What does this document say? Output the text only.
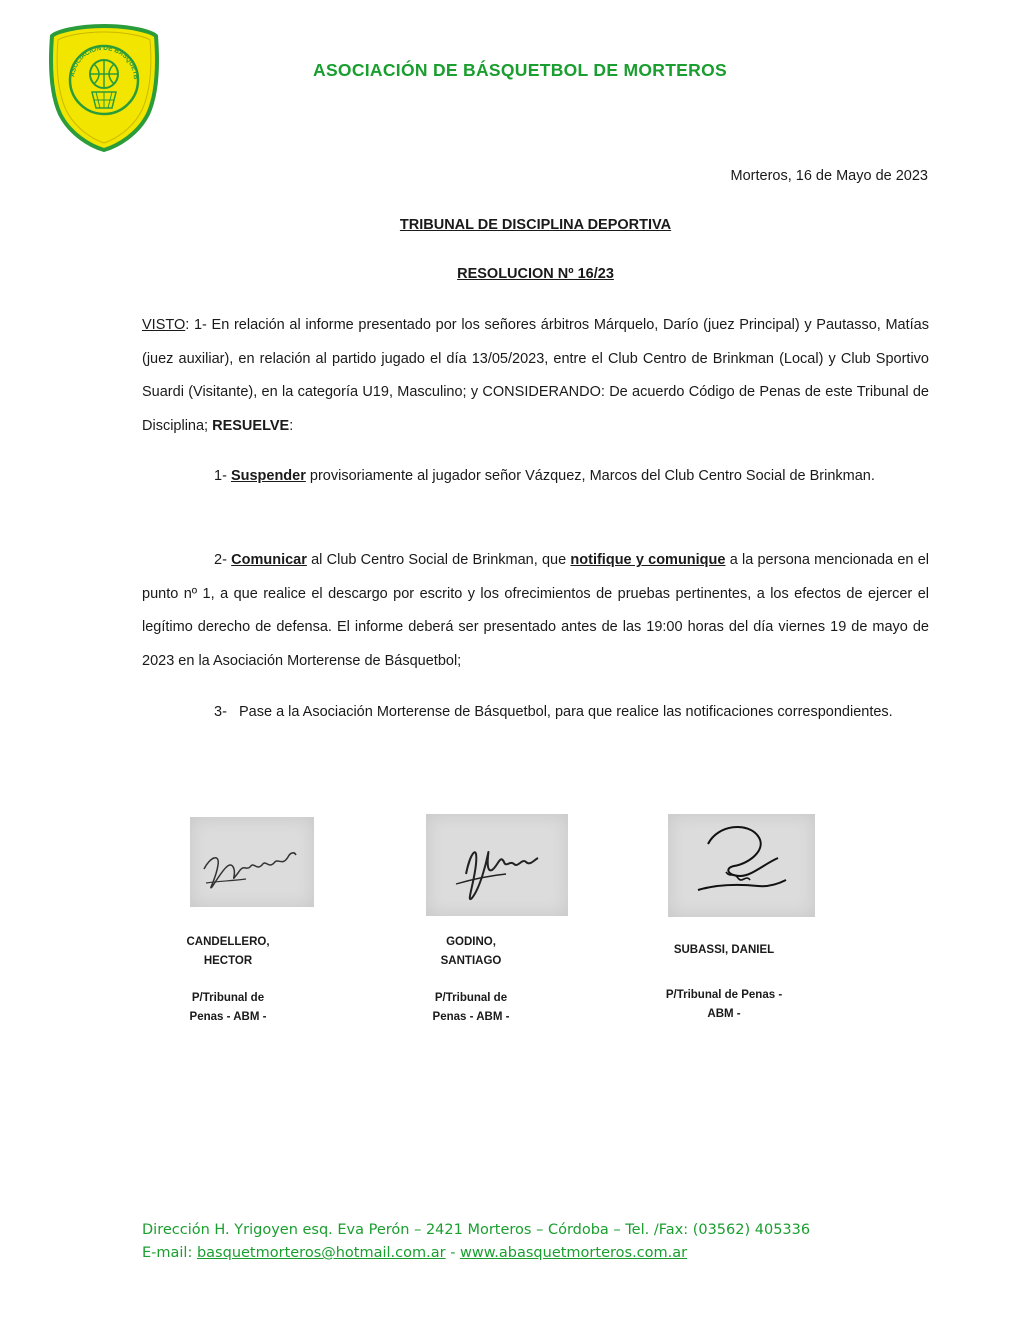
ASOCIACION DE BASQUETB	ASOCIACIÓN DE BÁSQUETBOL DE MORTEROS
Morteros, 16 de Mayo de 2023
TRIBUNAL DE DISCIPLINA DEPORTIVA
RESOLUCION Nº 16/23
VISTO: 1- En relación al informe presentado por los señores árbitros Márquelo, Darío (juez Principal) y Pautasso, Matías (juez auxiliar), en relación al partido jugado el día 13/05/2023, entre el Club Centro de Brinkman (Local) y Club Sportivo Suardi (Visitante), en la categoría U19, Masculino; y CONSIDERANDO: De acuerdo Código de Penas de este Tribunal de Disciplina; RESUELVE:
1- Suspender provisoriamente al jugador señor Vázquez, Marcos del Club Centro Social de Brinkman.
2- Comunicar al Club Centro Social de Brinkman, que notifique y comunique a la persona mencionada en el punto nº 1, a que realice el descargo por escrito y los ofrecimientos de pruebas pertinentes, a los efectos de ejercer el legítimo derecho de defensa. El informe deberá ser presentado antes de las 19:00 horas del día viernes 19 de mayo de 2023 en la Asociación Morterense de Básquetbol;
3- Pase a la Asociación Morterense de Básquetbol, para que realice las notificaciones correspondientes.
CANDELLERO,
HECTOR
P/Tribunal de
Penas - ABM -
GODINO,
SANTIAGO
P/Tribunal de
Penas - ABM -
SUBASSI, DANIEL
P/Tribunal de Penas -
ABM -
Dirección H. Yrigoyen esq. Eva Perón – 2421 Morteros – Córdoba – Tel. /Fax: (03562) 405336
E-mail: basquetmorteros@hotmail.com.ar - www.abasquetmorteros.com.ar
